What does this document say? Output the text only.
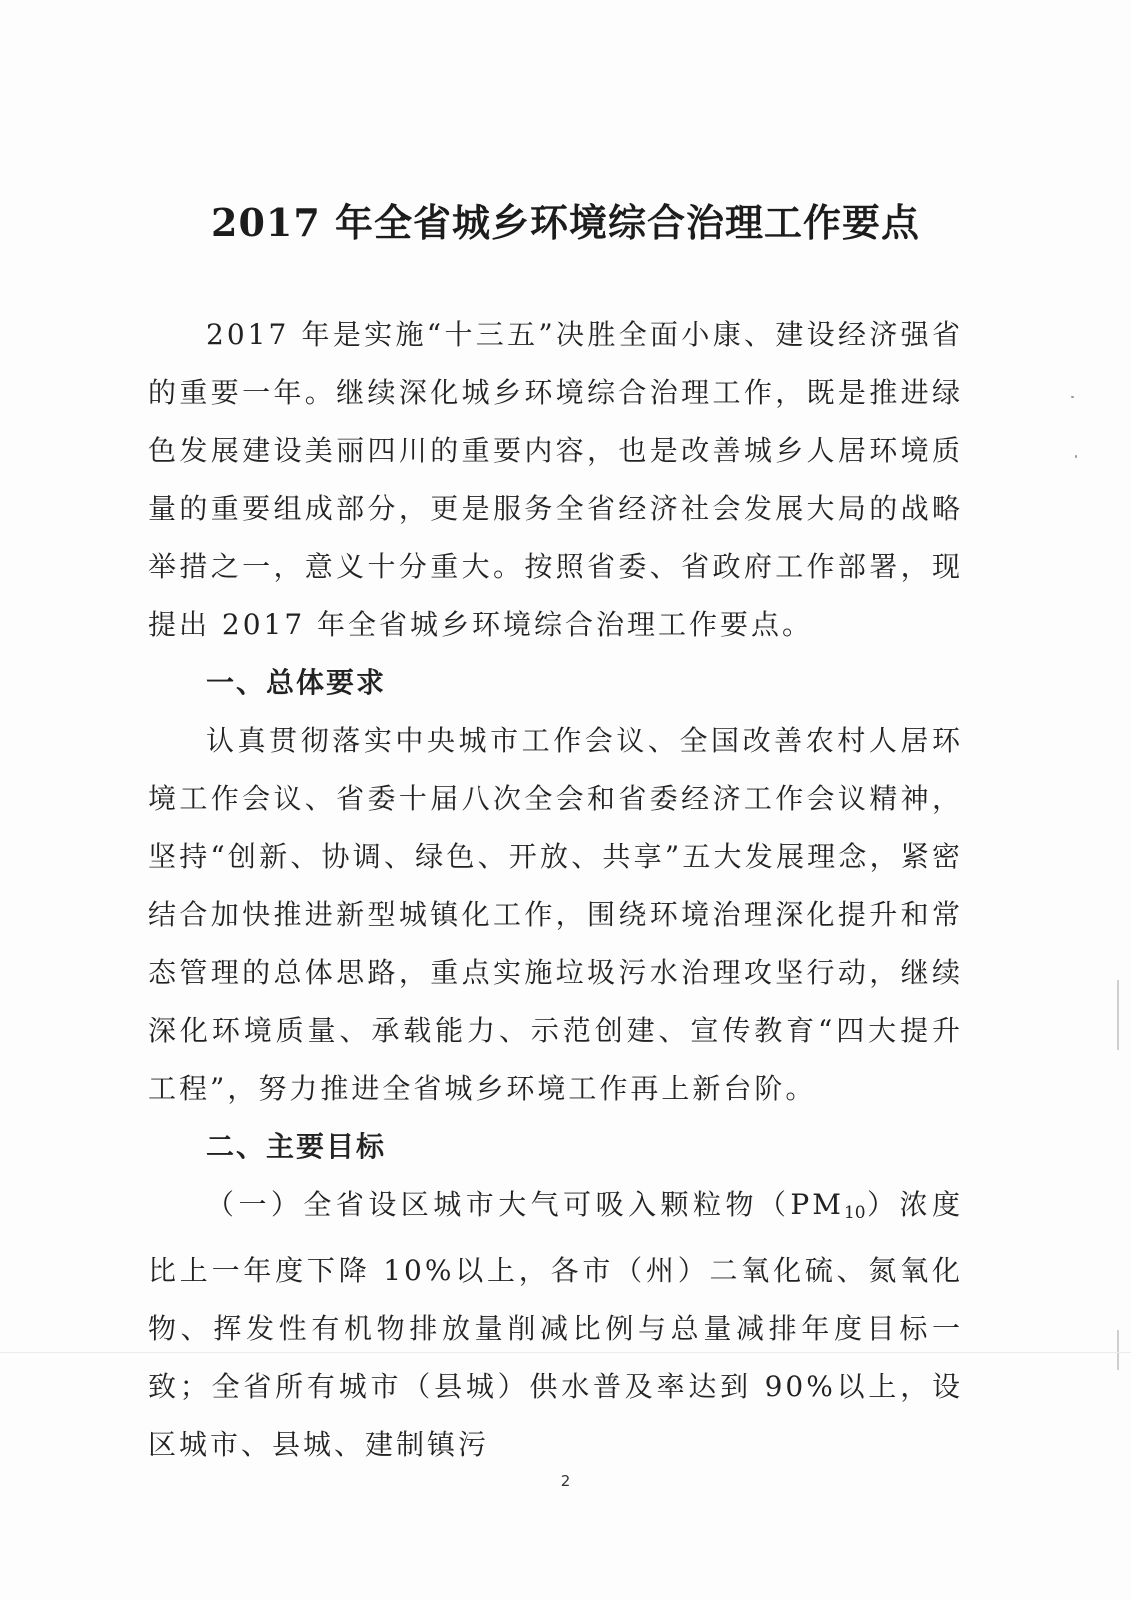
2017 年全省城乡环境综合治理工作要点

2017 年是实施“十三五”决胜全面小康、建设经济强省的重要一年。继续深化城乡环境综合治理工作，既是推进绿色发展建设美丽四川的重要内容，也是改善城乡人居环境质量的重要组成部分，更是服务全省经济社会发展大局的战略举措之一，意义十分重大。按照省委、省政府工作部署，现提出 2017 年全省城乡环境综合治理工作要点。

一、总体要求

认真贯彻落实中央城市工作会议、全国改善农村人居环境工作会议、省委十届八次全会和省委经济工作会议精神，坚持“创新、协调、绿色、开放、共享”五大发展理念，紧密结合加快推进新型城镇化工作，围绕环境治理深化提升和常态管理的总体思路，重点实施垃圾污水治理攻坚行动，继续深化环境质量、承载能力、示范创建、宣传教育“四大提升工程”，努力推进全省城乡环境工作再上新台阶。

二、主要目标

（一）全省设区城市大气可吸入颗粒物$(PM_{10})$浓度比上一年度下降 10%以上，各市（州）二氧化硫、氮氧化物、挥发性有机物排放量削减比例与总量减排年度目标一致；全省所有城市（县城）供水普及率达到 90%以上，设区城市、县城、建制镇污

2
